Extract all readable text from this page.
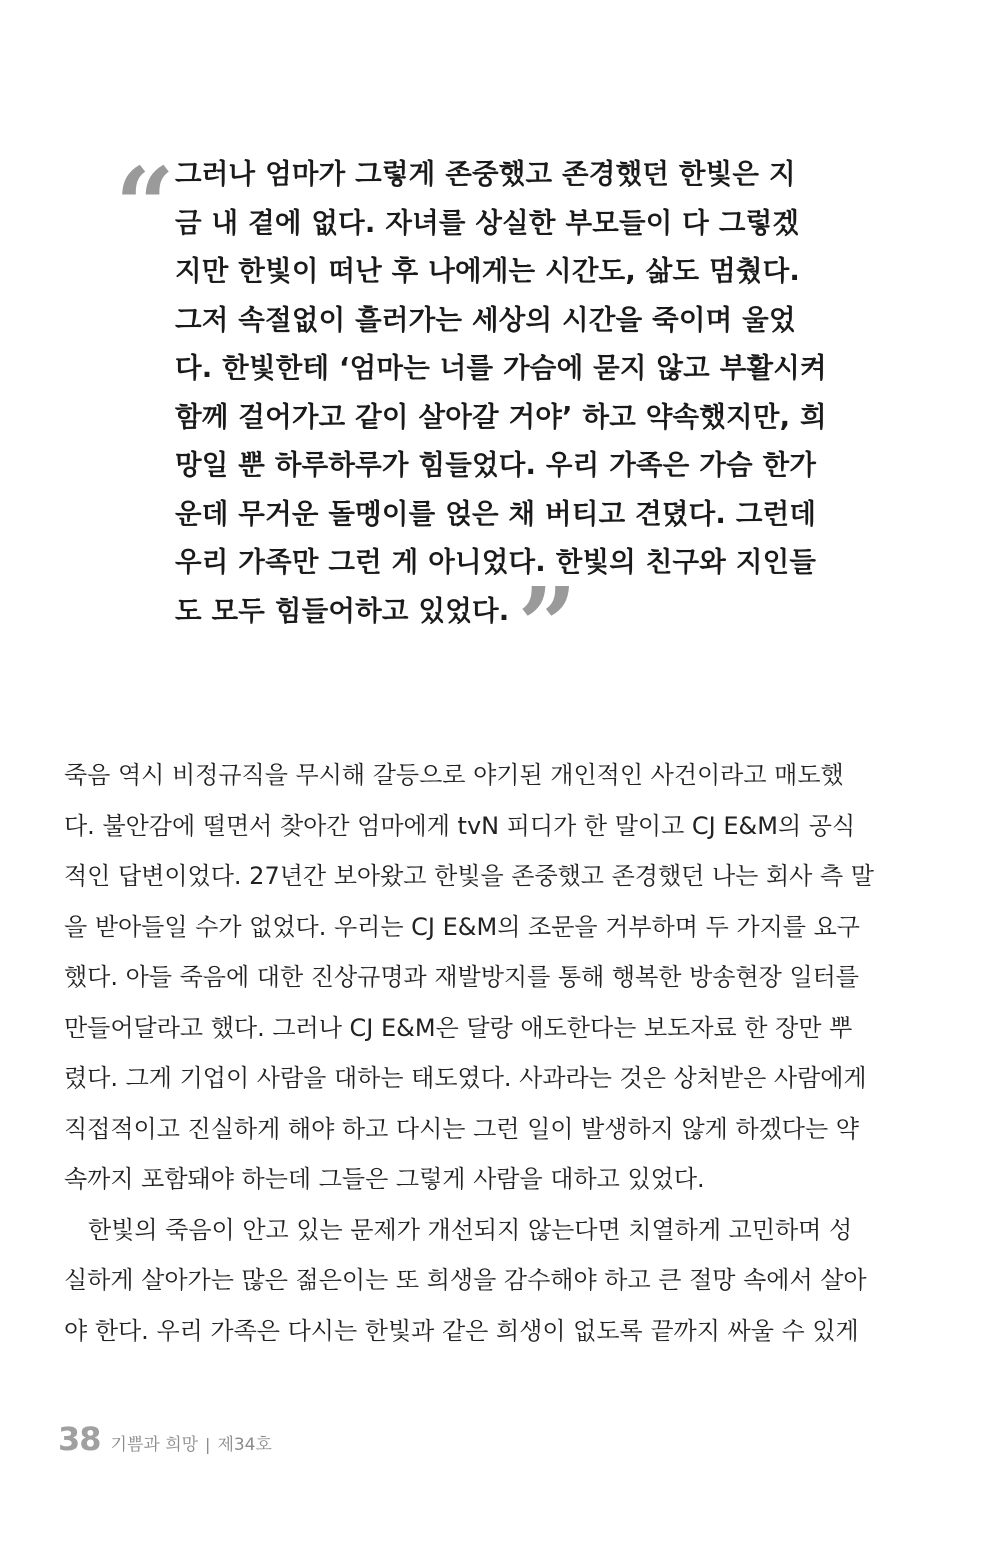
“ 그러나 엄마가 그렇게 존중했고 존경했던 한빛은 지
금 내 곁에 없다. 자녀를 상실한 부모들이 다 그렇겠
지만 한빛이 떠난 후 나에게는 시간도, 삶도 멈췄다.
그저 속절없이 흘러가는 세상의 시간을 죽이며 울었
다. 한빛한테 ‘엄마는 너를 가슴에 묻지 않고 부활시켜
함께 걸어가고 같이 살아갈 거야’ 하고 약속했지만, 희
망일 뿐 하루하루가 힘들었다. 우리 가족은 가슴 한가
운데 무거운 돌멩이를 얹은 채 버티고 견뎠다. 그런데
우리 가족만 그런 게 아니었다. 한빛의 친구와 지인들
도 모두 힘들어하고 있었다.”
죽음 역시 비정규직을 무시해 갈등으로 야기된 개인적인 사건이라고 매도했
다. 불안감에 떨면서 찾아간 엄마에게 tvN 피디가 한 말이고 CJ E&M의 공식
적인 답변이었다. 27년간 보아왔고 한빛을 존중했고 존경했던 나는 회사 측 말
을 받아들일 수가 없었다. 우리는 CJ E&M의 조문을 거부하며 두 가지를 요구
했다. 아들 죽음에 대한 진상규명과 재발방지를 통해 행복한 방송현장 일터를
만들어달라고 했다. 그러나 CJ E&M은 달랑 애도한다는 보도자료 한 장만 뿌
렸다. 그게 기업이 사람을 대하는 태도였다. 사과라는 것은 상처받은 사람에게
직접적이고 진실하게 해야 하고 다시는 그런 일이 발생하지 않게 하겠다는 약
속까지 포함돼야 하는데 그들은 그렇게 사람을 대하고 있었다.
한빛의 죽음이 안고 있는 문제가 개선되지 않는다면 치열하게 고민하며 성
실하게 살아가는 많은 젊은이는 또 희생을 감수해야 하고 큰 절망 속에서 살아
야 한다. 우리 가족은 다시는 한빛과 같은 희생이 없도록 끝까지 싸울 수 있게
38 기쁨과 희망 | 제34호
